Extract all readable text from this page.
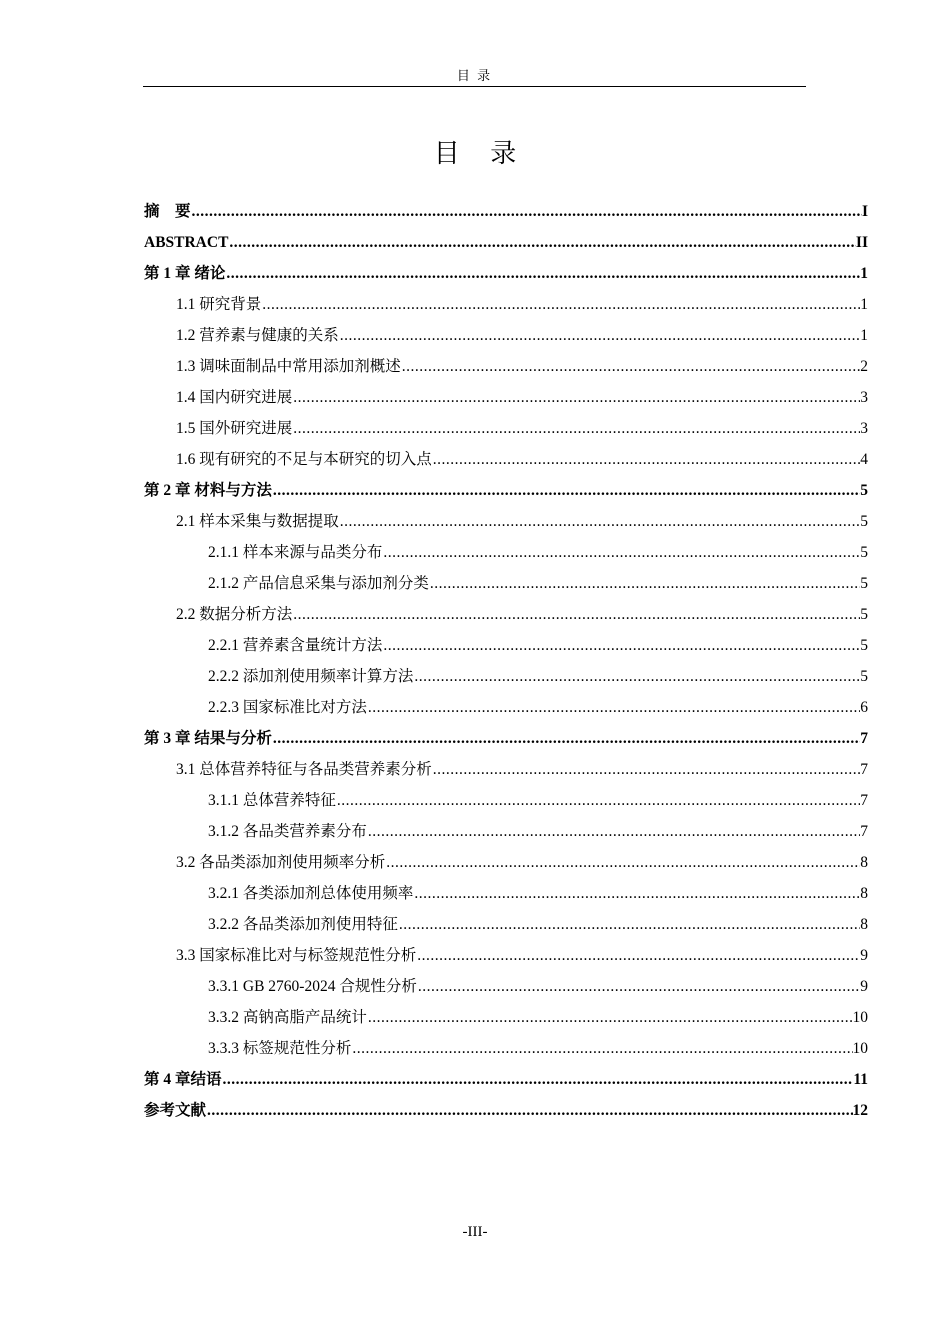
目 录
目 录
摘　要 .....	I
ABSTRACT .....	II
第 1 章 绪论 .....	1
1.1 研究背景 .....	1
1.2 营养素与健康的关系 .....	1
1.3 调味面制品中常用添加剂概述 .....	2
1.4 国内研究进展 .....	3
1.5 国外研究进展 .....	3
1.6 现有研究的不足与本研究的切入点 .....	4
第 2 章 材料与方法 .....	5
2.1 样本采集与数据提取 .....	5
2.1.1 样本来源与品类分布 .....	5
2.1.2 产品信息采集与添加剂分类 .....	5
2.2 数据分析方法 .....	5
2.2.1 营养素含量统计方法 .....	5
2.2.2 添加剂使用频率计算方法 .....	5
2.2.3 国家标准比对方法 .....	6
第 3 章 结果与分析 .....	7
3.1 总体营养特征与各品类营养素分析 .....	7
3.1.1 总体营养特征 .....	7
3.1.2 各品类营养素分布 .....	7
3.2 各品类添加剂使用频率分析 .....	8
3.2.1 各类添加剂总体使用频率 .....	8
3.2.2 各品类添加剂使用特征 .....	8
3.3 国家标准比对与标签规范性分析 .....	9
3.3.1 GB 2760-2024 合规性分析 .....	9
3.3.2 高钠高脂产品统计 .....	10
3.3.3 标签规范性分析 .....	10
第 4 章结语 .....	11
参考文献 .....	12
-III-
